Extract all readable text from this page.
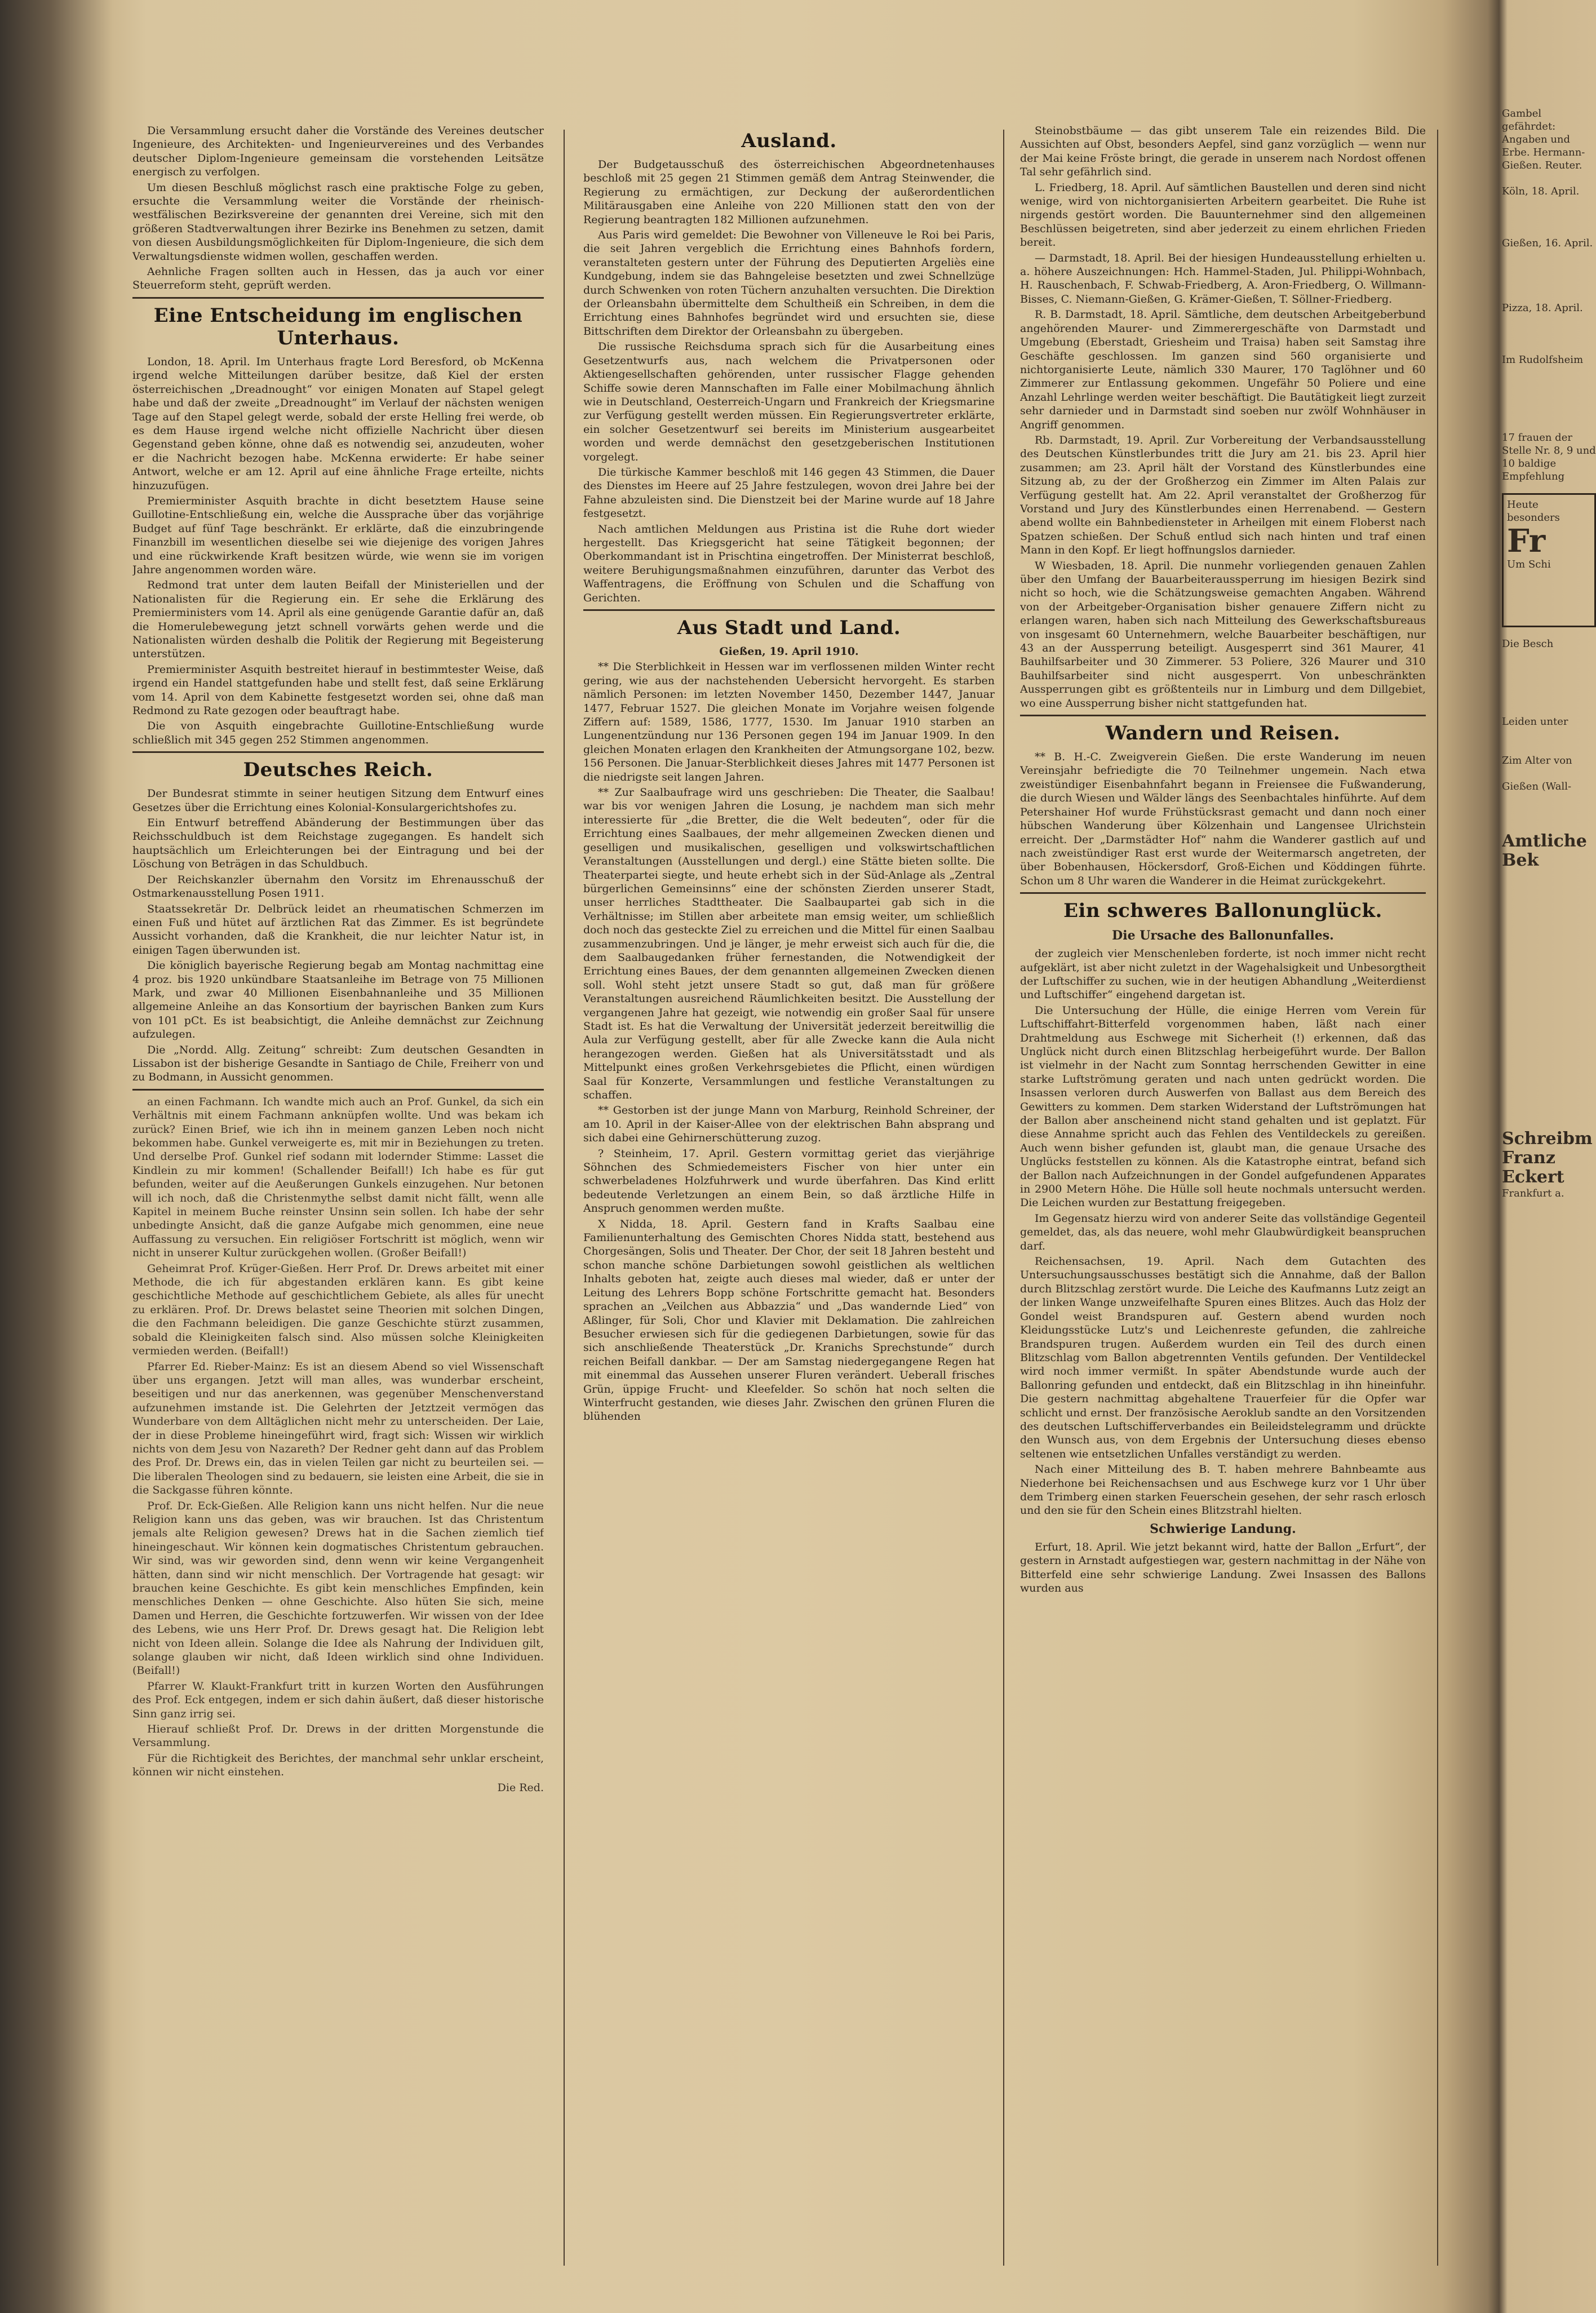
Die Versammlung ersucht daher die Vorstände des Vereines deutscher Ingenieure, des Architekten- und Ingenieurvereines und des Verbandes deutscher Diplom-Ingenieure gemeinsam die vorstehenden Leitsätze energisch zu verfolgen.

Um diesen Beschluß möglichst rasch eine praktische Folge zu geben, ersuchte die Versammlung weiter die Vorstände der rheinisch-westfälischen Bezirksvereine der genannten drei Vereine, sich mit den größeren Stadtverwaltungen ihrer Bezirke ins Benehmen zu setzen, damit von diesen Ausbildungsmöglichkeiten für Diplom-Ingenieure, die sich dem Verwaltungsdienste widmen wollen, geschaffen werden.

Aehnliche Fragen sollten auch in Hessen, das ja auch vor einer Steuerreform steht, geprüft werden.

Eine Entscheidung im englischen Unterhaus.

London, 18. April. Im Unterhaus fragte Lord Beresford, ob McKenna irgend welche Mitteilungen darüber besitze, daß Kiel der ersten österreichischen „Dreadnought“ vor einigen Monaten auf Stapel gelegt habe und daß der zweite „Dreadnought“ im Verlauf der nächsten wenigen Tage auf den Stapel gelegt werde, sobald der erste Helling frei werde, ob es dem Hause irgend welche nicht offizielle Nachricht über diesen Gegenstand geben könne, ohne daß es notwendig sei, anzudeuten, woher er die Nachricht bezogen habe. McKenna erwiderte: Er habe seiner Antwort, welche er am 12. April auf eine ähnliche Frage erteilte, nichts hinzuzufügen.

Premierminister Asquith brachte in dicht besetztem Hause seine Guillotine-Entschließung ein, welche die Aussprache über das vorjährige Budget auf fünf Tage beschränkt. Er erklärte, daß die einzubringende Finanzbill im wesentlichen dieselbe sei wie diejenige des vorigen Jahres und eine rückwirkende Kraft besitzen würde, wie wenn sie im vorigen Jahre angenommen worden wäre.

Redmond trat unter dem lauten Beifall der Ministeriellen und der Nationalisten für die Regierung ein. Er sehe die Erklärung des Premierministers vom 14. April als eine genügende Garantie dafür an, daß die Homerulebewegung jetzt schnell vorwärts gehen werde und die Nationalisten würden deshalb die Politik der Regierung mit Begeisterung unterstützen.

Premierminister Asquith bestreitet hierauf in bestimmtester Weise, daß irgend ein Handel stattgefunden habe und stellt fest, daß seine Erklärung vom 14. April von dem Kabinette festgesetzt worden sei, ohne daß man Redmond zu Rate gezogen oder beauftragt habe.

Die von Asquith eingebrachte Guillotine-Entschließung wurde schließlich mit 345 gegen 252 Stimmen angenommen.

Deutsches Reich.

Der Bundesrat stimmte in seiner heutigen Sitzung dem Entwurf eines Gesetzes über die Errichtung eines Kolonial-Konsulargerichtshofes zu.

Ein Entwurf betreffend Abänderung der Bestimmungen über das Reichsschuldbuch ist dem Reichstage zugegangen. Es handelt sich hauptsächlich um Erleichterungen bei der Eintragung und bei der Löschung von Beträgen in das Schuldbuch.

Der Reichskanzler übernahm den Vorsitz im Ehrenausschuß der Ostmarkenausstellung Posen 1911.

Staatssekretär Dr. Delbrück leidet an rheumatischen Schmerzen im einen Fuß und hütet auf ärztlichen Rat das Zimmer. Es ist begründete Aussicht vorhanden, daß die Krankheit, die nur leichter Natur ist, in einigen Tagen überwunden ist.

Die königlich bayerische Regierung begab am Montag nachmittag eine 4 proz. bis 1920 unkündbare Staatsanleihe im Betrage von 75 Millionen Mark, und zwar 40 Millionen Eisenbahnanleihe und 35 Millionen allgemeine Anleihe an das Konsortium der bayrischen Banken zum Kurs von 101 pCt. Es ist beabsichtigt, die Anleihe demnächst zur Zeichnung aufzulegen.

Die „Nordd. Allg. Zeitung“ schreibt: Zum deutschen Gesandten in Lissabon ist der bisherige Gesandte in Santiago de Chile, Freiherr von und zu Bodmann, in Aussicht genommen.

an einen Fachmann. Ich wandte mich auch an Prof. Gunkel, da sich ein Verhältnis mit einem Fachmann anknüpfen wollte. Und was bekam ich zurück? Einen Brief, wie ich ihn in meinem ganzen Leben noch nicht bekommen habe. Gunkel verweigerte es, mit mir in Beziehungen zu treten. Und derselbe Prof. Gunkel rief sodann mit lodernder Stimme: Lasset die Kindlein zu mir kommen! (Schallender Beifall!) Ich habe es für gut befunden, weiter auf die Aeußerungen Gunkels einzugehen. Nur betonen will ich noch, daß die Christenmythe selbst damit nicht fällt, wenn alle Kapitel in meinem Buche reinster Unsinn sein sollen. Ich habe der sehr unbedingte Ansicht, daß die ganze Aufgabe mich genommen, eine neue Auffassung zu versuchen. Ein religiöser Fortschritt ist möglich, wenn wir nicht in unserer Kultur zurückgehen wollen. (Großer Beifall!)

Geheimrat Prof. Krüger-Gießen. Herr Prof. Dr. Drews arbeitet mit einer Methode, die ich für abgestanden erklären kann. Es gibt keine geschichtliche Methode auf geschichtlichem Gebiete, als alles für unecht zu erklären. Prof. Dr. Drews belastet seine Theorien mit solchen Dingen, die den Fachmann beleidigen. Die ganze Geschichte stürzt zusammen, sobald die Kleinigkeiten falsch sind. Also müssen solche Kleinigkeiten vermieden werden. (Beifall!)

Pfarrer Ed. Rieber-Mainz: Es ist an diesem Abend so viel Wissenschaft über uns ergangen. Jetzt will man alles, was wunderbar erscheint, beseitigen und nur das anerkennen, was gegenüber Menschenverstand aufzunehmen imstande ist. Die Gelehrten der Jetztzeit vermögen das Wunderbare von dem Alltäglichen nicht mehr zu unterscheiden. Der Laie, der in diese Probleme hineingeführt wird, fragt sich: Wissen wir wirklich nichts von dem Jesu von Nazareth? Der Redner geht dann auf das Problem des Prof. Dr. Drews ein, das in vielen Teilen gar nicht zu beurteilen sei. — Die liberalen Theologen sind zu bedauern, sie leisten eine Arbeit, die sie in die Sackgasse führen könnte.

Prof. Dr. Eck-Gießen. Alle Religion kann uns nicht helfen. Nur die neue Religion kann uns das geben, was wir brauchen. Ist das Christentum jemals alte Religion gewesen? Drews hat in die Sachen ziemlich tief hineingeschaut. Wir können kein dogmatisches Christentum gebrauchen. Wir sind, was wir geworden sind, denn wenn wir keine Vergangenheit hätten, dann sind wir nicht menschlich. Der Vortragende hat gesagt: wir brauchen keine Geschichte. Es gibt kein menschliches Empfinden, kein menschliches Denken — ohne Geschichte. Also hüten Sie sich, meine Damen und Herren, die Geschichte fortzuwerfen. Wir wissen von der Idee des Lebens, wie uns Herr Prof. Dr. Drews gesagt hat. Die Religion lebt nicht von Ideen allein. Solange die Idee als Nahrung der Individuen gilt, solange glauben wir nicht, daß Ideen wirklich sind ohne Individuen. (Beifall!)

Pfarrer W. Klaukt-Frankfurt tritt in kurzen Worten den Ausführungen des Prof. Eck entgegen, indem er sich dahin äußert, daß dieser historische Sinn ganz irrig sei.

Hierauf schließt Prof. Dr. Drews in der dritten Morgenstunde die Versammlung.

Für die Richtigkeit des Berichtes, der manchmal sehr unklar erscheint, können wir nicht einstehen.

Die Red.

Ausland.

Der Budgetausschuß des österreichischen Abgeordnetenhauses beschloß mit 25 gegen 21 Stimmen gemäß dem Antrag Steinwender, die Regierung zu ermächtigen, zur Deckung der außerordentlichen Militärausgaben eine Anleihe von 220 Millionen statt den von der Regierung beantragten 182 Millionen aufzunehmen.

Aus Paris wird gemeldet: Die Bewohner von Villeneuve le Roi bei Paris, die seit Jahren vergeblich die Errichtung eines Bahnhofs fordern, veranstalteten gestern unter der Führung des Deputierten Argeliès eine Kundgebung, indem sie das Bahngeleise besetzten und zwei Schnellzüge durch Schwenken von roten Tüchern anzuhalten versuchten. Die Direktion der Orleansbahn übermittelte dem Schultheiß ein Schreiben, in dem die Errichtung eines Bahnhofes begründet wird und ersuchten sie, diese Bittschriften dem Direktor der Orleansbahn zu übergeben.

Die russische Reichsduma sprach sich für die Ausarbeitung eines Gesetzentwurfs aus, nach welchem die Privatpersonen oder Aktiengesellschaften gehörenden, unter russischer Flagge gehenden Schiffe sowie deren Mannschaften im Falle einer Mobilmachung ähnlich wie in Deutschland, Oesterreich-Ungarn und Frankreich der Kriegsmarine zur Verfügung gestellt werden müssen. Ein Regierungsvertreter erklärte, ein solcher Gesetzentwurf sei bereits im Ministerium ausgearbeitet worden und werde demnächst den gesetzgeberischen Institutionen vorgelegt.

Die türkische Kammer beschloß mit 146 gegen 43 Stimmen, die Dauer des Dienstes im Heere auf 25 Jahre festzulegen, wovon drei Jahre bei der Fahne abzuleisten sind. Die Dienstzeit bei der Marine wurde auf 18 Jahre festgesetzt.

Nach amtlichen Meldungen aus Pristina ist die Ruhe dort wieder hergestellt. Das Kriegsgericht hat seine Tätigkeit begonnen; der Oberkommandant ist in Prischtina eingetroffen. Der Ministerrat beschloß, weitere Beruhigungsmaßnahmen einzuführen, darunter das Verbot des Waffentragens, die Eröffnung von Schulen und die Schaffung von Gerichten.

Aus Stadt und Land.

Gießen, 19. April 1910.

** Die Sterblichkeit in Hessen war im verflossenen milden Winter recht gering, wie aus der nachstehenden Uebersicht hervorgeht. Es starben nämlich Personen: im letzten November 1450, Dezember 1447, Januar 1477, Februar 1527. Die gleichen Monate im Vorjahre weisen folgende Ziffern auf: 1589, 1586, 1777, 1530. Im Januar 1910 starben an Lungenentzündung nur 136 Personen gegen 194 im Januar 1909. In den gleichen Monaten erlagen den Krankheiten der Atmungsorgane 102, bezw. 156 Personen. Die Januar-Sterblichkeit dieses Jahres mit 1477 Personen ist die niedrigste seit langen Jahren.

** Zur Saalbaufrage wird uns geschrieben: Die Theater, die Saalbau! war bis vor wenigen Jahren die Losung, je nachdem man sich mehr interessierte für „die Bretter, die die Welt bedeuten“, oder für die Errichtung eines Saalbaues, der mehr allgemeinen Zwecken dienen und geselligen und musikalischen, geselligen und volkswirtschaftlichen Veranstaltungen (Ausstellungen und dergl.) eine Stätte bieten sollte. Die Theaterpartei siegte, und heute erhebt sich in der Süd-Anlage als „Zentral bürgerlichen Gemeinsinns“ eine der schönsten Zierden unserer Stadt, unser herrliches Stadttheater. Die Saalbaupartei gab sich in die Verhältnisse; im Stillen aber arbeitete man emsig weiter, um schließlich doch noch das gesteckte Ziel zu erreichen und die Mittel für einen Saalbau zusammenzubringen. Und je länger, je mehr erweist sich auch für die, die dem Saalbaugedanken früher fernestanden, die Notwendigkeit der Errichtung eines Baues, der dem genannten allgemeinen Zwecken dienen soll. Wohl steht jetzt unsere Stadt so gut, daß man für größere Veranstaltungen ausreichend Räumlichkeiten besitzt. Die Ausstellung der vergangenen Jahre hat gezeigt, wie notwendig ein großer Saal für unsere Stadt ist. Es hat die Verwaltung der Universität jederzeit bereitwillig die Aula zur Verfügung gestellt, aber für alle Zwecke kann die Aula nicht herangezogen werden. Gießen hat als Universitätsstadt und als Mittelpunkt eines großen Verkehrsgebietes die Pflicht, einen würdigen Saal für Konzerte, Versammlungen und festliche Veranstaltungen zu schaffen.

** Gestorben ist der junge Mann von Marburg, Reinhold Schreiner, der am 10. April in der Kaiser-Allee von der elektrischen Bahn absprang und sich dabei eine Gehirnerschütterung zuzog.

? Steinheim, 17. April. Gestern vormittag geriet das vierjährige Söhnchen des Schmiedemeisters Fischer von hier unter ein schwerbeladenes Holzfuhrwerk und wurde überfahren. Das Kind erlitt bedeutende Verletzungen an einem Bein, so daß ärztliche Hilfe in Anspruch genommen werden mußte.

X Nidda, 18. April. Gestern fand in Krafts Saalbau eine Familienunterhaltung des Gemischten Chores Nidda statt, bestehend aus Chorgesängen, Solis und Theater. Der Chor, der seit 18 Jahren besteht und schon manche schöne Darbietungen sowohl geistlichen als weltlichen Inhalts geboten hat, zeigte auch dieses mal wieder, daß er unter der Leitung des Lehrers Bopp schöne Fortschritte gemacht hat. Besonders sprachen an „Veilchen aus Abbazzia“ und „Das wandernde Lied“ von Aßlinger, für Soli, Chor und Klavier mit Deklamation. Die zahlreichen Besucher erwiesen sich für die gediegenen Darbietungen, sowie für das sich anschließende Theaterstück „Dr. Kranichs Sprechstunde“ durch reichen Beifall dankbar. — Der am Samstag niedergegangene Regen hat mit einemmal das Aussehen unserer Fluren verändert. Ueberall frisches Grün, üppige Frucht- und Kleefelder. So schön hat noch selten die Winterfrucht gestanden, wie dieses Jahr. Zwischen den grünen Fluren die blühenden

Steinobstbäume — das gibt unserem Tale ein reizendes Bild. Die Aussichten auf Obst, besonders Aepfel, sind ganz vorzüglich — wenn nur der Mai keine Fröste bringt, die gerade in unserem nach Nordost offenen Tal sehr gefährlich sind.

L. Friedberg, 18. April. Auf sämtlichen Baustellen und deren sind nicht wenige, wird von nichtorganisierten Arbeitern gearbeitet. Die Ruhe ist nirgends gestört worden. Die Bauunternehmer sind den allgemeinen Beschlüssen beigetreten, sind aber jederzeit zu einem ehrlichen Frieden bereit.

— Darmstadt, 18. April. Bei der hiesigen Hundeausstellung erhielten u. a. höhere Auszeichnungen: Hch. Hammel-Staden, Jul. Philippi-Wohnbach, H. Rauschenbach, F. Schwab-Friedberg, A. Aron-Friedberg, O. Willmann-Bisses, C. Niemann-Gießen, G. Krämer-Gießen, T. Söllner-Friedberg.

R. B. Darmstadt, 18. April. Sämtliche, dem deutschen Arbeitgeberbund angehörenden Maurer- und Zimmerergeschäfte von Darmstadt und Umgebung (Eberstadt, Griesheim und Traisa) haben seit Samstag ihre Geschäfte geschlossen. Im ganzen sind 560 organisierte und nichtorganisierte Leute, nämlich 330 Maurer, 170 Taglöhner und 60 Zimmerer zur Entlassung gekommen. Ungefähr 50 Poliere und eine Anzahl Lehrlinge werden weiter beschäftigt. Die Bautätigkeit liegt zurzeit sehr darnieder und in Darmstadt sind soeben nur zwölf Wohnhäuser in Angriff genommen.

Rb. Darmstadt, 19. April. Zur Vorbereitung der Verbandsausstellung des Deutschen Künstlerbundes tritt die Jury am 21. bis 23. April hier zusammen; am 23. April hält der Vorstand des Künstlerbundes eine Sitzung ab, zu der der Großherzog ein Zimmer im Alten Palais zur Verfügung gestellt hat. Am 22. April veranstaltet der Großherzog für Vorstand und Jury des Künstlerbundes einen Herrenabend. — Gestern abend wollte ein Bahnbediensteter in Arheilgen mit einem Floberst nach Spatzen schießen. Der Schuß entlud sich nach hinten und traf einen Mann in den Kopf. Er liegt hoffnungslos darnieder.

W Wiesbaden, 18. April. Die nunmehr vorliegenden genauen Zahlen über den Umfang der Bauarbeiteraussperrung im hiesigen Bezirk sind nicht so hoch, wie die Schätzungsweise gemachten Angaben. Während von der Arbeitgeber-Organisation bisher genauere Ziffern nicht zu erlangen waren, haben sich nach Mitteilung des Gewerkschaftsbureaus von insgesamt 60 Unternehmern, welche Bauarbeiter beschäftigen, nur 43 an der Aussperrung beteiligt. Ausgesperrt sind 361 Maurer, 41 Bauhilfsarbeiter und 30 Zimmerer. 53 Poliere, 326 Maurer und 310 Bauhilfsarbeiter sind nicht ausgesperrt. Von unbeschränkten Aussperrungen gibt es größtenteils nur in Limburg und dem Dillgebiet, wo eine Aussperrung bisher nicht stattgefunden hat.

Wandern und Reisen.

** B. H.-C. Zweigverein Gießen. Die erste Wanderung im neuen Vereinsjahr befriedigte die 70 Teilnehmer ungemein. Nach etwa zweistündiger Eisenbahnfahrt begann in Freiensee die Fußwanderung, die durch Wiesen und Wälder längs des Seenbachtales hinführte. Auf dem Petershainer Hof wurde Frühstücksrast gemacht und dann noch einer hübschen Wanderung über Kölzenhain und Langensee Ulrichstein erreicht. Der „Darmstädter Hof“ nahm die Wanderer gastlich auf und nach zweistündiger Rast erst wurde der Weitermarsch angetreten, der über Bobenhausen, Höckersdorf, Groß-Eichen und Köddingen führte. Schon um 8 Uhr waren die Wanderer in die Heimat zurückgekehrt.

Ein schweres Ballonunglück.
Die Ursache des Ballonunfalles.

der zugleich vier Menschenleben forderte, ist noch immer nicht recht aufgeklärt, ist aber nicht zuletzt in der Wagehalsigkeit und Unbesorgtheit der Luftschiffer zu suchen, wie in der heutigen Abhandlung „Weiterdienst und Luftschiffer“ eingehend dargetan ist.

Die Untersuchung der Hülle, die einige Herren vom Verein für Luftschiffahrt-Bitterfeld vorgenommen haben, läßt nach einer Drahtmeldung aus Eschwege mit Sicherheit (!) erkennen, daß das Unglück nicht durch einen Blitzschlag herbeigeführt wurde. Der Ballon ist vielmehr in der Nacht zum Sonntag herrschenden Gewitter in eine starke Luftströmung geraten und nach unten gedrückt worden. Die Insassen verloren durch Auswerfen von Ballast aus dem Bereich des Gewitters zu kommen. Dem starken Widerstand der Luftströmungen hat der Ballon aber anscheinend nicht stand gehalten und ist geplatzt. Für diese Annahme spricht auch das Fehlen des Ventildeckels zu gereißen. Auch wenn bisher gefunden ist, glaubt man, die genaue Ursache des Unglücks feststellen zu können. Als die Katastrophe eintrat, befand sich der Ballon nach Aufzeichnungen in der Gondel aufgefundenen Apparates in 2900 Metern Höhe. Die Hülle soll heute nochmals untersucht werden. Die Leichen wurden zur Bestattung freigegeben.

Im Gegensatz hierzu wird von anderer Seite das vollständige Gegenteil gemeldet, das, als das neuere, wohl mehr Glaubwürdigkeit beanspruchen darf.

Reichensachsen, 19. April. Nach dem Gutachten des Untersuchungsausschusses bestätigt sich die Annahme, daß der Ballon durch Blitzschlag zerstört wurde. Die Leiche des Kaufmanns Lutz zeigt an der linken Wange unzweifelhafte Spuren eines Blitzes. Auch das Holz der Gondel weist Brandspuren auf. Gestern abend wurden noch Kleidungsstücke Lutz's und Leichenreste gefunden, die zahlreiche Brandspuren trugen. Außerdem wurden ein Teil des durch einen Blitzschlag vom Ballon abgetrennten Ventils gefunden. Der Ventildeckel wird noch immer vermißt. In später Abendstunde wurde auch der Ballonring gefunden und entdeckt, daß ein Blitzschlag in ihn hineinfuhr. Die gestern nachmittag abgehaltene Trauerfeier für die Opfer war schlicht und ernst. Der französische Aeroklub sandte an den Vorsitzenden des deutschen Luftschifferverbandes ein Beileidstelegramm und drückte den Wunsch aus, von dem Ergebnis der Untersuchung dieses ebenso seltenen wie entsetzlichen Unfalles verständigt zu werden.

Nach einer Mitteilung des B. T. haben mehrere Bahnbeamte aus Niederhone bei Reichensachsen und aus Eschwege kurz vor 1 Uhr über dem Trimberg einen starken Feuerschein gesehen, der sehr rasch erlosch und den sie für den Schein eines Blitzstrahl hielten.

Schwierige Landung.

Erfurt, 18. April. Wie jetzt bekannt wird, hatte der Ballon „Erfurt“, der gestern in Arnstadt aufgestiegen war, gestern nachmittag in der Nähe von Bitterfeld eine sehr schwierige Landung. Zwei Insassen des Ballons wurden aus

Gambel gefährdet: Angaben und Erbe. Hermann-Gießen. Reuter.

Köln, 18. April.

Gießen, 16. April.

Pizza, 18. April.

Im Rudolfsheim

17 frauen der Stelle Nr. 8, 9 und 10 baldige Empfehlung
Heute
besonders
Fr
Um Schi
Die Besch

Leiden unter

Zim Alter von

Gießen (Wall-

Amtliche Bek

Schreibm
Franz Eckert
Frankfurt a.
